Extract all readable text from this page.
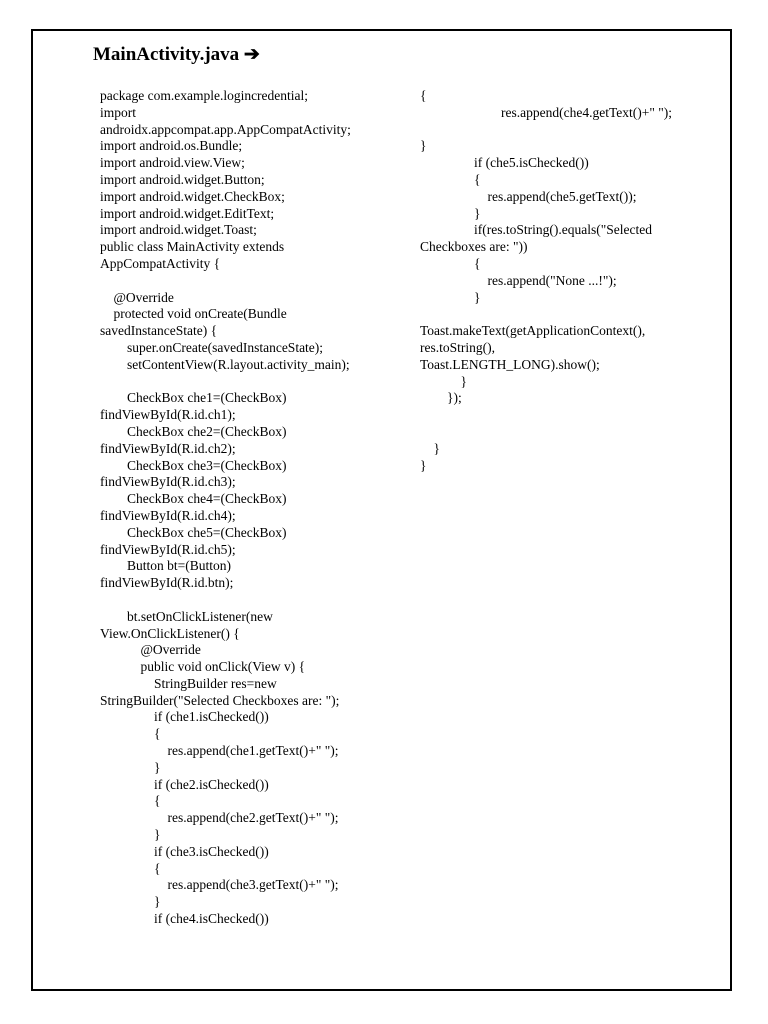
MainActivity.java ➔
package com.example.logincredential;
import
androidx.appcompat.app.AppCompatActivity;
import android.os.Bundle;
import android.view.View;
import android.widget.Button;
import android.widget.CheckBox;
import android.widget.EditText;
import android.widget.Toast;
public class MainActivity extends
AppCompatActivity {

@Override
protected void onCreate(Bundle
savedInstanceState) {
super.onCreate(savedInstanceState);
setContentView(R.layout.activity_main);

CheckBox che1=(CheckBox)
findViewById(R.id.ch1);
CheckBox che2=(CheckBox)
findViewById(R.id.ch2);
CheckBox che3=(CheckBox)
findViewById(R.id.ch3);
CheckBox che4=(CheckBox)
findViewById(R.id.ch4);
CheckBox che5=(CheckBox)
findViewById(R.id.ch5);
Button bt=(Button)
findViewById(R.id.btn);

bt.setOnClickListener(new
View.OnClickListener() {
@Override
public void onClick(View v) {
StringBuilder res=new
StringBuilder("Selected Checkboxes are: ");
if (che1.isChecked())
{
res.append(che1.getText()+" ");
}
if (che2.isChecked())
{
res.append(che2.getText()+" ");
}
if (che3.isChecked())
{
res.append(che3.getText()+" ");
}
if (che4.isChecked())
{
res.append(che4.getText()+" ");

}
if (che5.isChecked())
{
res.append(che5.getText());
}
if(res.toString().equals("Selected
Checkboxes are: "))
{
res.append("None ...!");
}

Toast.makeText(getApplicationContext(),
res.toString(),
Toast.LENGTH_LONG).show();
}
});

}
}
